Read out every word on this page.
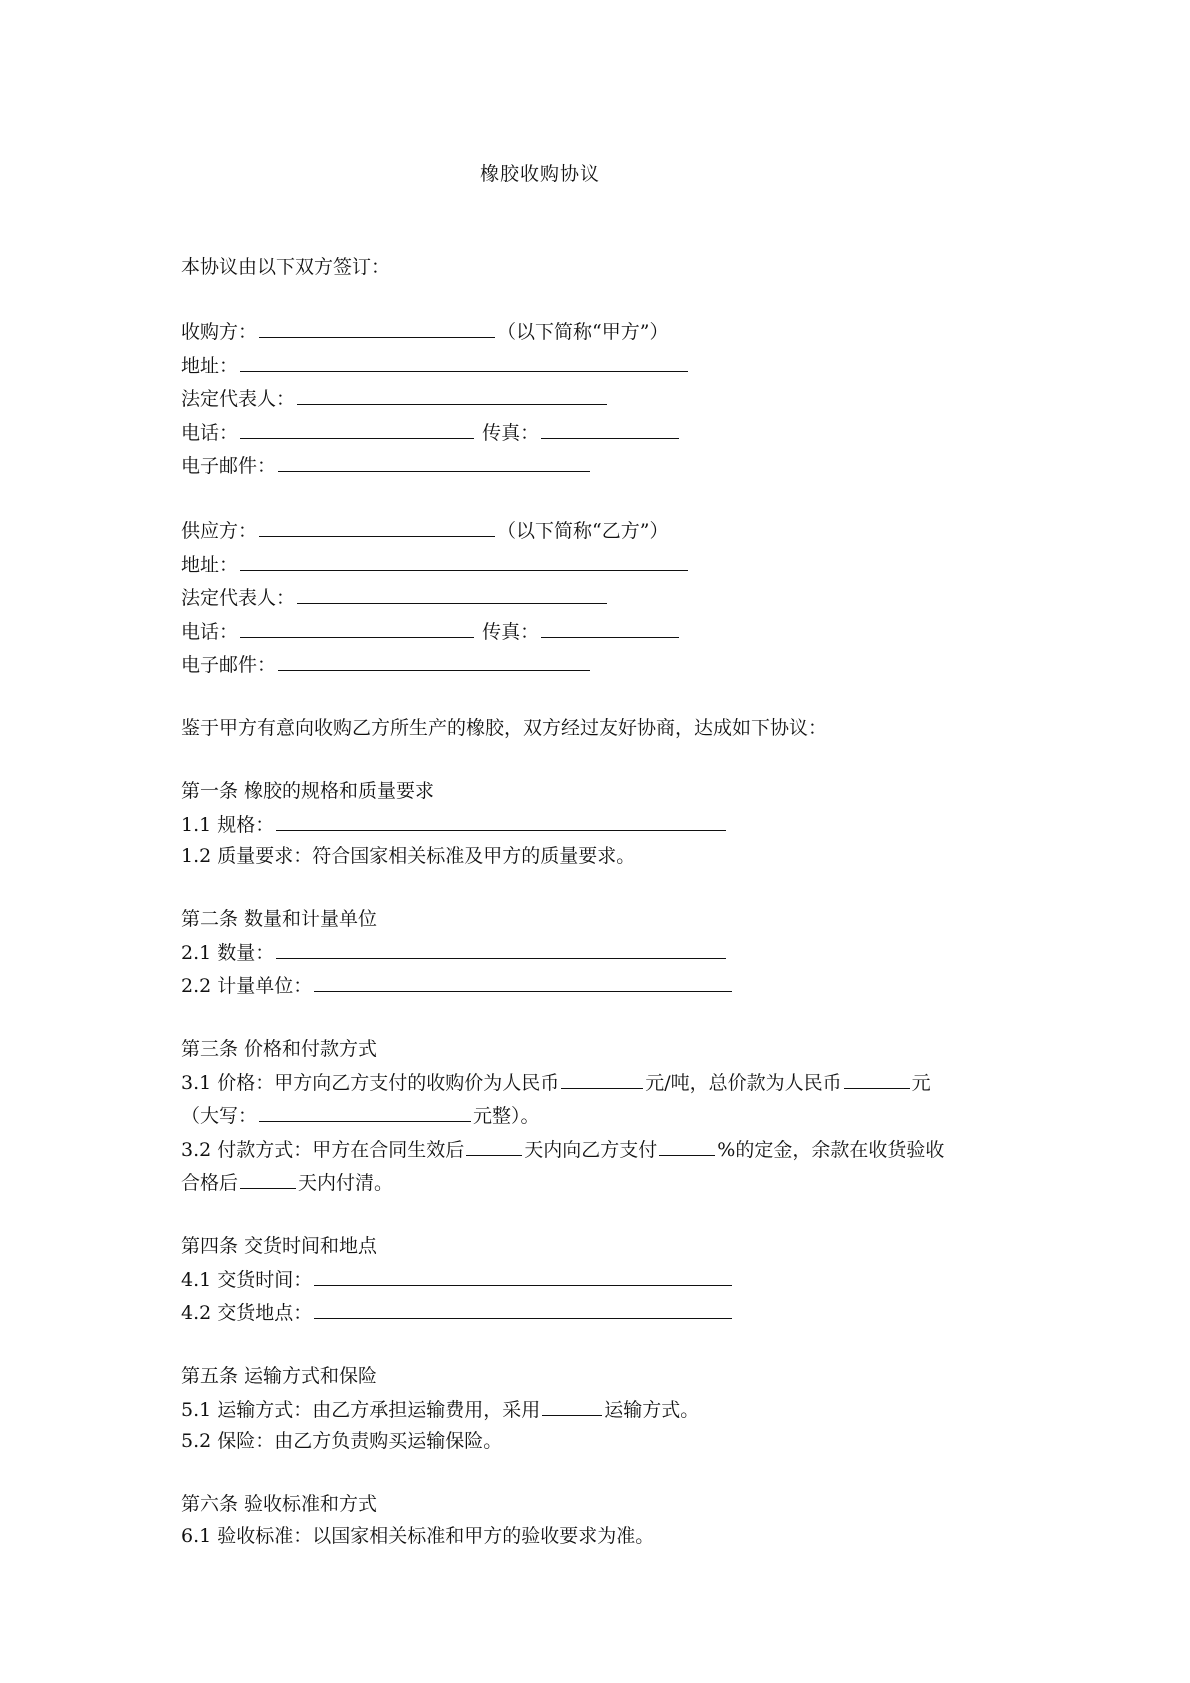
橡胶收购协议
本协议由以下双方签订：
收购方：	（以下简称“甲方”）
地址：
法定代表人：
电话：	传真：
电子邮件：
供应方：	（以下简称“乙方”）
地址：
法定代表人：
电话：	传真：
电子邮件：
鉴于甲方有意向收购乙方所生产的橡胶，双方经过友好协商，达成如下协议：
第一条 橡胶的规格和质量要求
1.1 规格：
1.2 质量要求：符合国家相关标准及甲方的质量要求。
第二条 数量和计量单位
2.1 数量：
2.2 计量单位：
第三条 价格和付款方式
3.1 价格：甲方向乙方支付的收购价为人民币	元/吨，总价款为人民币	元
（大写：	元整）。
3.2 付款方式：甲方在合同生效后	天内向乙方支付	%的定金，余款在收货验收
合格后	天内付清。
第四条 交货时间和地点
4.1 交货时间：
4.2 交货地点：
第五条 运输方式和保险
5.1 运输方式：由乙方承担运输费用，采用	运输方式。
5.2 保险：由乙方负责购买运输保险。
第六条 验收标准和方式
6.1 验收标准：以国家相关标准和甲方的验收要求为准。
